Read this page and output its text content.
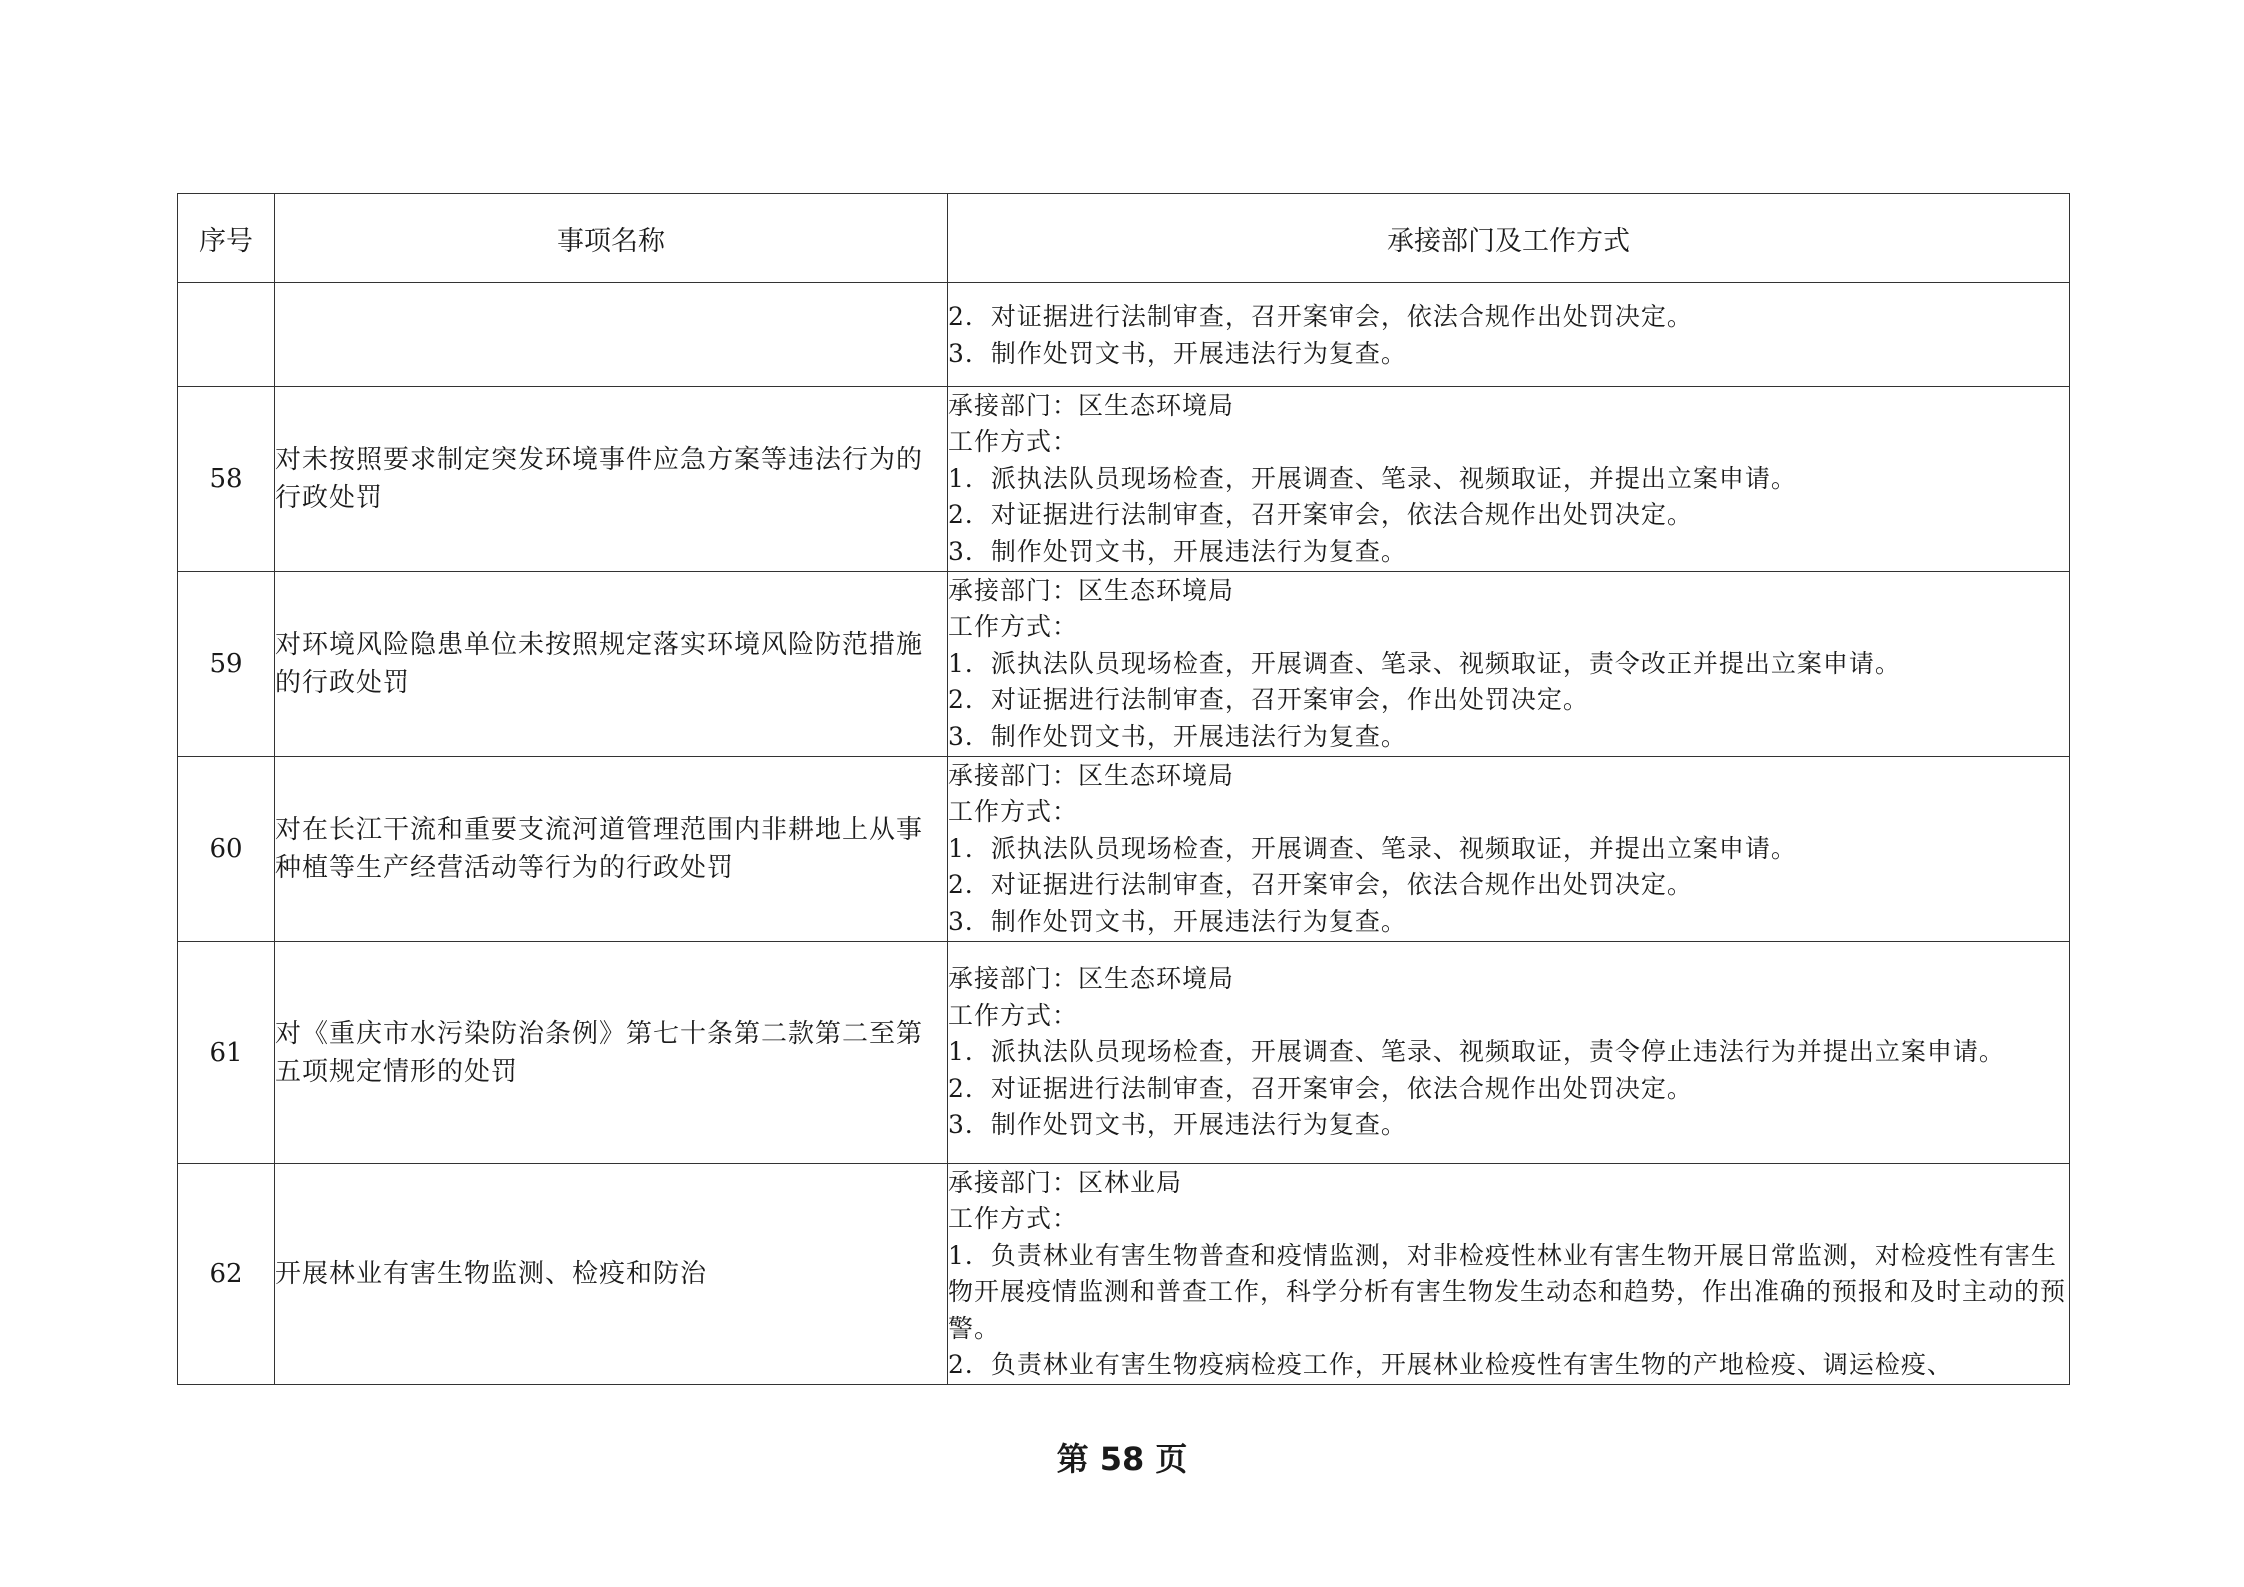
序号	事项名称	承接部门及工作方式

		2．对证据进行法制审查，召开案审会，依法合规作出处罚决定。
3．制作处罚文书，开展违法行为复查。

58	对未按照要求制定突发环境事件应急方案等违法行为的行政处罚	承接部门：区生态环境局
工作方式：
1．派执法队员现场检查，开展调查、笔录、视频取证，并提出立案申请。
2．对证据进行法制审查，召开案审会，依法合规作出处罚决定。
3．制作处罚文书，开展违法行为复查。

59	对环境风险隐患单位未按照规定落实环境风险防范措施的行政处罚	承接部门：区生态环境局
工作方式：
1．派执法队员现场检查，开展调查、笔录、视频取证，责令改正并提出立案申请。
2．对证据进行法制审查，召开案审会，作出处罚决定。
3．制作处罚文书，开展违法行为复查。

60	对在长江干流和重要支流河道管理范围内非耕地上从事种植等生产经营活动等行为的行政处罚	承接部门：区生态环境局
工作方式：
1．派执法队员现场检查，开展调查、笔录、视频取证，并提出立案申请。
2．对证据进行法制审查，召开案审会，依法合规作出处罚决定。
3．制作处罚文书，开展违法行为复查。

61	对《重庆市水污染防治条例》第七十条第二款第二至第五项规定情形的处罚	承接部门：区生态环境局
工作方式：
1．派执法队员现场检查，开展调查、笔录、视频取证，责令停止违法行为并提出立案申请。
2．对证据进行法制审查，召开案审会，依法合规作出处罚决定。
3．制作处罚文书，开展违法行为复查。

62	开展林业有害生物监测、检疫和防治	承接部门：区林业局
工作方式：
1．负责林业有害生物普查和疫情监测，对非检疫性林业有害生物开展日常监测，对检疫性有害生物开展疫情监测和普查工作，科学分析有害生物发生动态和趋势，作出准确的预报和及时主动的预警。
2．负责林业有害生物疫病检疫工作，开展林业检疫性有害生物的产地检疫、调运检疫、
第 58 页
